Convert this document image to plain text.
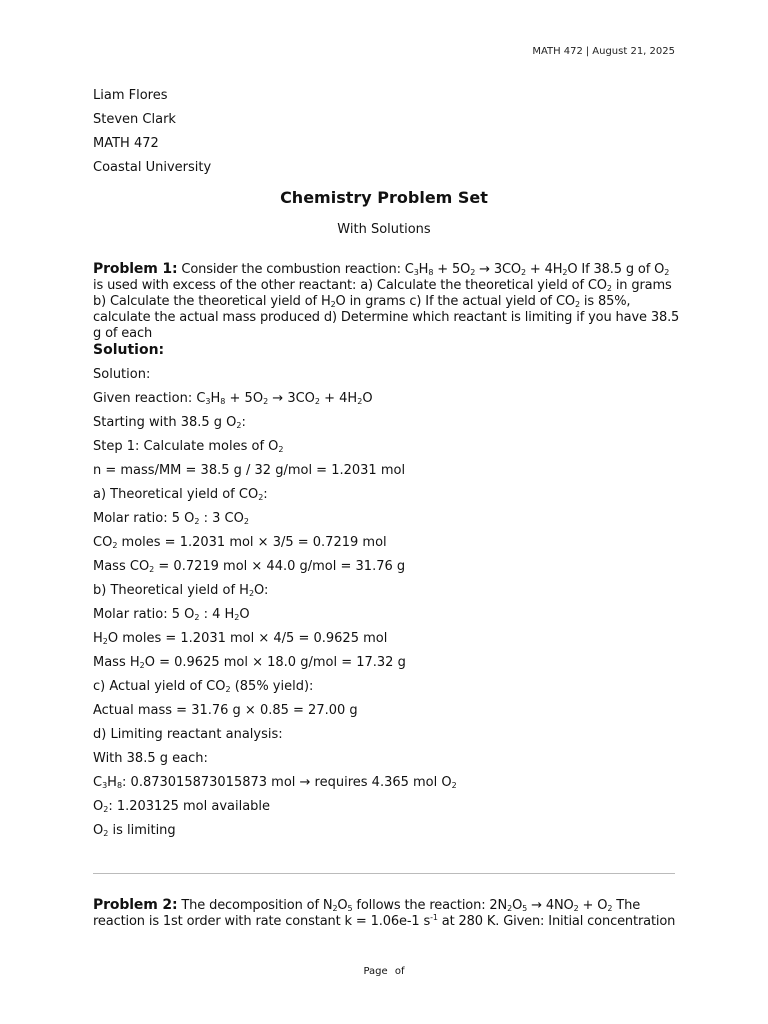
MATH 472 | August 21, 2025
Liam Flores
Steven Clark
MATH 472
Coastal University
Chemistry Problem Set
With Solutions
Problem 1: Consider the combustion reaction: $C_3H_8 + 5O_2 \to 3CO_2 + 4H_2O$ If 38.5 g of $O_2$ is used with excess of the other reactant: a) Calculate the theoretical yield of $CO_2$ in grams b) Calculate the theoretical yield of $H_2O$ in grams c) If the actual yield of $CO_2$ is 85%, calculate the actual mass produced d) Determine which reactant is limiting if you have 38.5 g of each
Solution:
Solution:
Given reaction: $C_3H_8 + 5O_2 \to 3CO_2 + 4H_2O$
Starting with 38.5 g $O_2$:
Step 1: Calculate moles of $O_2$
n = mass/MM = 38.5 g / 32 g/mol = 1.2031 mol
a) Theoretical yield of $CO_2$:
Molar ratio: 5 $O_2$ : 3 $CO_2$
$CO_2$ moles = 1.2031 mol × 3/5 = 0.7219 mol
Mass $CO_2 = 0.7219$ mol × 44.0 g/mol = 31.76 g
b) Theoretical yield of $H_2O$:
Molar ratio: 5 $O_2$ : 4 $H_2O$
$H_2O$ moles = 1.2031 mol × 4/5 = 0.9625 mol
Mass $H_2O = 0.9625$ mol × 18.0 g/mol = 17.32 g
c) Actual yield of $CO_2$ (85% yield):
Actual mass = 31.76 g × 0.85 = 27.00 g
d) Limiting reactant analysis:
With 38.5 g each:
$C_3H_8$: 0.873015873015873 mol → requires 4.365 mol $O_2$
$O_2$: 1.203125 mol available
$O_2$ is limiting
Problem 2: The decomposition of $N_2O_5$ follows the reaction: $2N_2O_5 \to 4NO_2 + O_2$ The reaction is 1st order with rate constant k = 1.06e-1 $s^{-1}$ at 280 K. Given: Initial concentration
Page of
